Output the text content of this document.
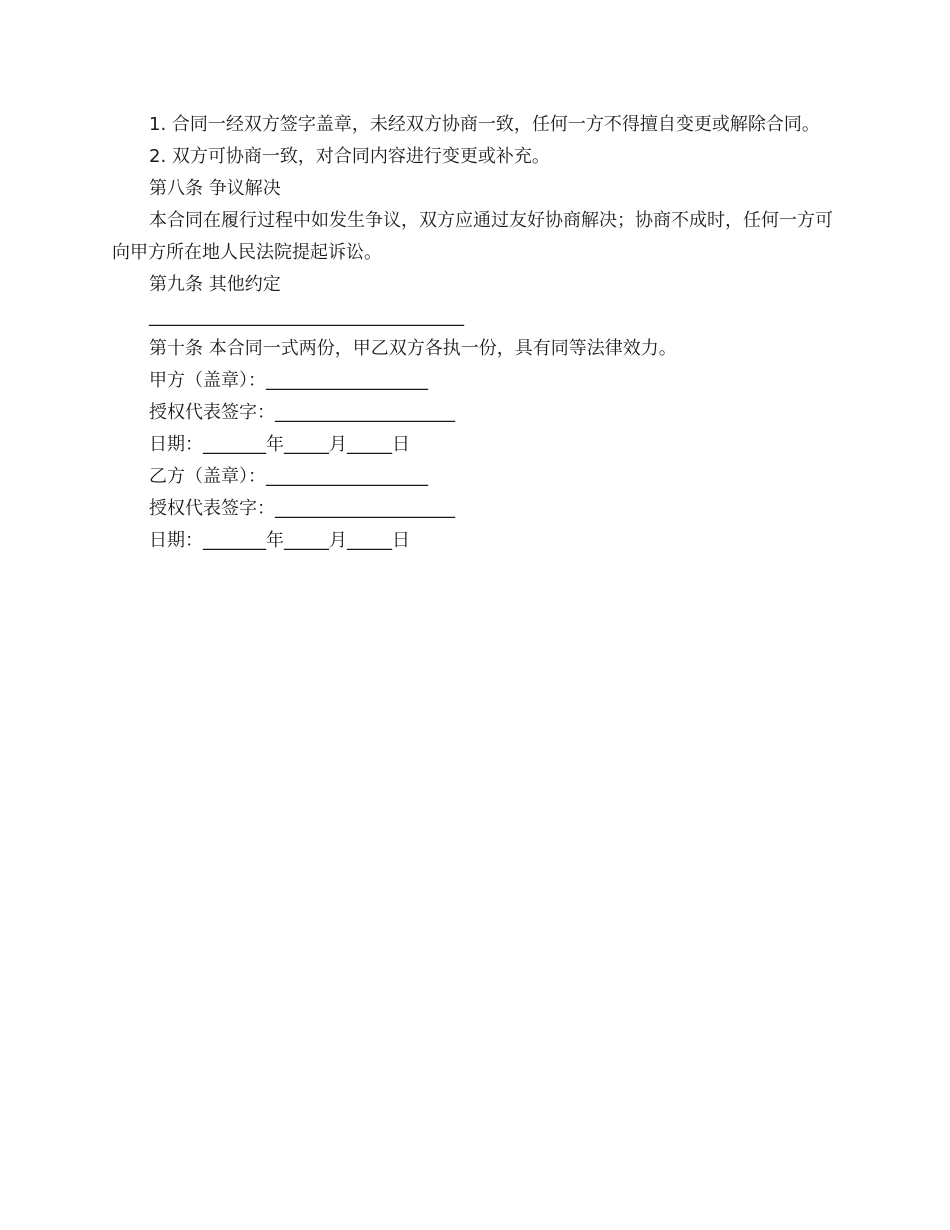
1. 合同一经双方签字盖章，未经双方协商一致，任何一方不得擅自变更或解除合同。

2. 双方可协商一致，对合同内容进行变更或补充。

第八条 争议解决

本合同在履行过程中如发生争议，双方应通过友好协商解决；协商不成时，任何一方可向甲方所在地人民法院提起诉讼。

第九条 其他约定

___________________________________

第十条 本合同一式两份，甲乙双方各执一份，具有同等法律效力。

甲方（盖章）：__________________

授权代表签字：____________________

日期：_______年_____月_____日

乙方（盖章）：__________________

授权代表签字：____________________

日期：_______年_____月_____日
